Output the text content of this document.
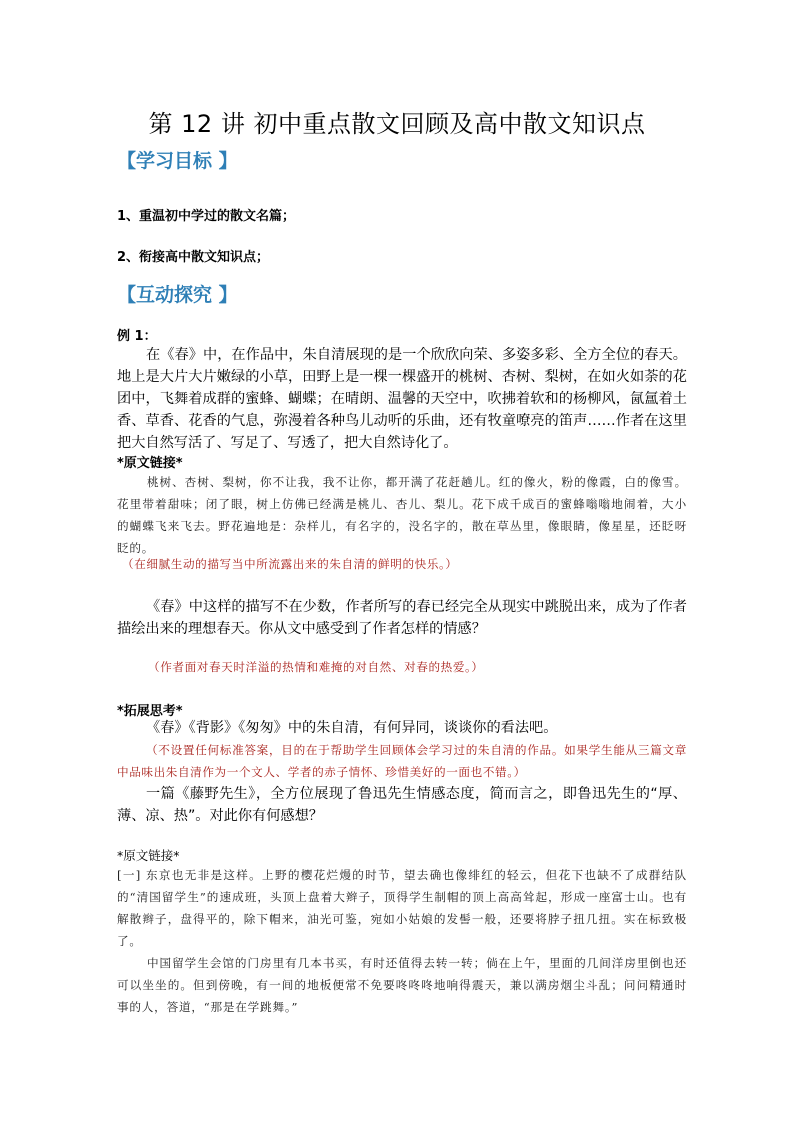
第 12 讲 初中重点散文回顾及高中散文知识点
【学习目标 】
1、重温初中学过的散文名篇；
2、衔接高中散文知识点；
【互动探究 】
例 1：
在《春》中，在作品中，朱自清展现的是一个欣欣向荣、多姿多彩、全方全位的春天。地上是大片大片嫩绿的小草，田野上是一棵一棵盛开的桃树、杏树、梨树，在如火如荼的花团中，飞舞着成群的蜜蜂、蝴蝶；在晴朗、温馨的天空中，吹拂着软和的杨柳风，氤氲着土香、草香、花香的气息，弥漫着各种鸟儿动听的乐曲，还有牧童嘹亮的笛声……作者在这里把大自然写活了、写足了、写透了，把大自然诗化了。
*原文链接*
桃树、杏树、梨树，你不让我，我不让你，都开满了花赶趟儿。红的像火，粉的像霞，白的像雪。花里带着甜味；闭了眼，树上仿佛已经满是桃儿、杏儿、梨儿。花下成千成百的蜜蜂嗡嗡地闹着，大小的蝴蝶飞来飞去。野花遍地是：杂样儿，有名字的，没名字的，散在草丛里，像眼睛，像星星，还眨呀眨的。
（在细腻生动的描写当中所流露出来的朱自清的鲜明的快乐。）
《春》中这样的描写不在少数，作者所写的春已经完全从现实中跳脱出来，成为了作者描绘出来的理想春天。你从文中感受到了作者怎样的情感？
（作者面对春天时洋溢的热情和难掩的对自然、对春的热爱。）
*拓展思考*
《春》《背影》《匆匆》中的朱自清，有何异同，谈谈你的看法吧。
（不设置任何标准答案，目的在于帮助学生回顾体会学习过的朱自清的作品。如果学生能从三篇文章中品味出朱自清作为一个文人、学者的赤子情怀、珍惜美好的一面也不错。）
一篇《藤野先生》，全方位展现了鲁迅先生情感态度，简而言之，即鲁迅先生的“厚、薄、凉、热”。对此你有何感想？
*原文链接*
[一] 东京也无非是这样。上野的樱花烂熳的时节，望去确也像绯红的轻云，但花下也缺不了成群结队的“清国留学生”的速成班，头顶上盘着大辫子，顶得学生制帽的顶上高高耸起，形成一座富士山。也有解散辫子，盘得平的，除下帽来，油光可鉴，宛如小姑娘的发髻一般，还要将脖子扭几扭。实在标致极了。
中国留学生会馆的门房里有几本书买，有时还值得去转一转；倘在上午，里面的几间洋房里倒也还可以坐坐的。但到傍晚，有一间的地板便常不免要咚咚咚地响得震天，兼以满房烟尘斗乱；问问精通时事的人，答道，“那是在学跳舞。”
